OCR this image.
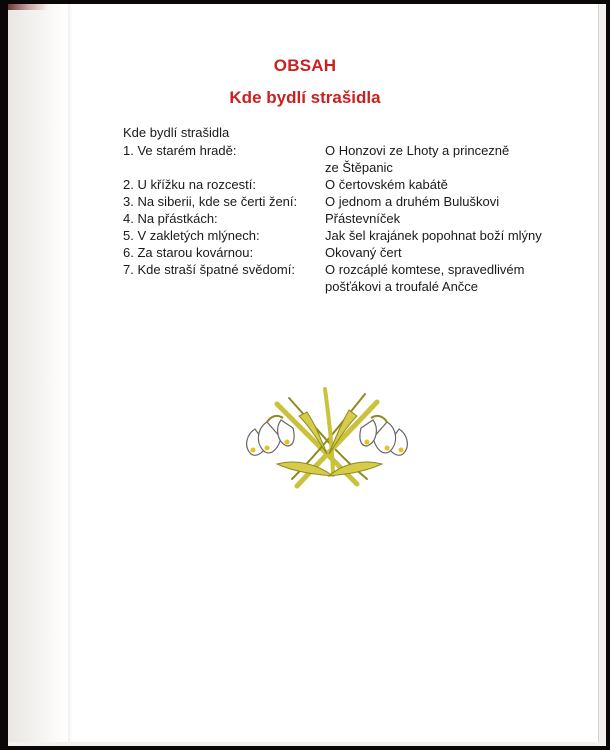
OBSAH
Kde bydlí strašidla
Kde bydlí strašidla
1. Ve starém hradě:	O Honzovi ze Lhoty a princezně
ze Štěpanic
2. U křížku na rozcestí:	O čertovském kabátě
3. Na siberii, kde se čerti žení: O jednom a druhém Buluškovi
4. Na přástkách:	Přástevníček
5. V zakletých mlýnech:	Jak šel krajánek popohnat boží mlýny
6. Za starou kovárnou:	Okovaný čert
7. Kde straší špatné svědomí: O rozcáplé komtese, spravedlivém
pošťákovi a troufalé Ančce
